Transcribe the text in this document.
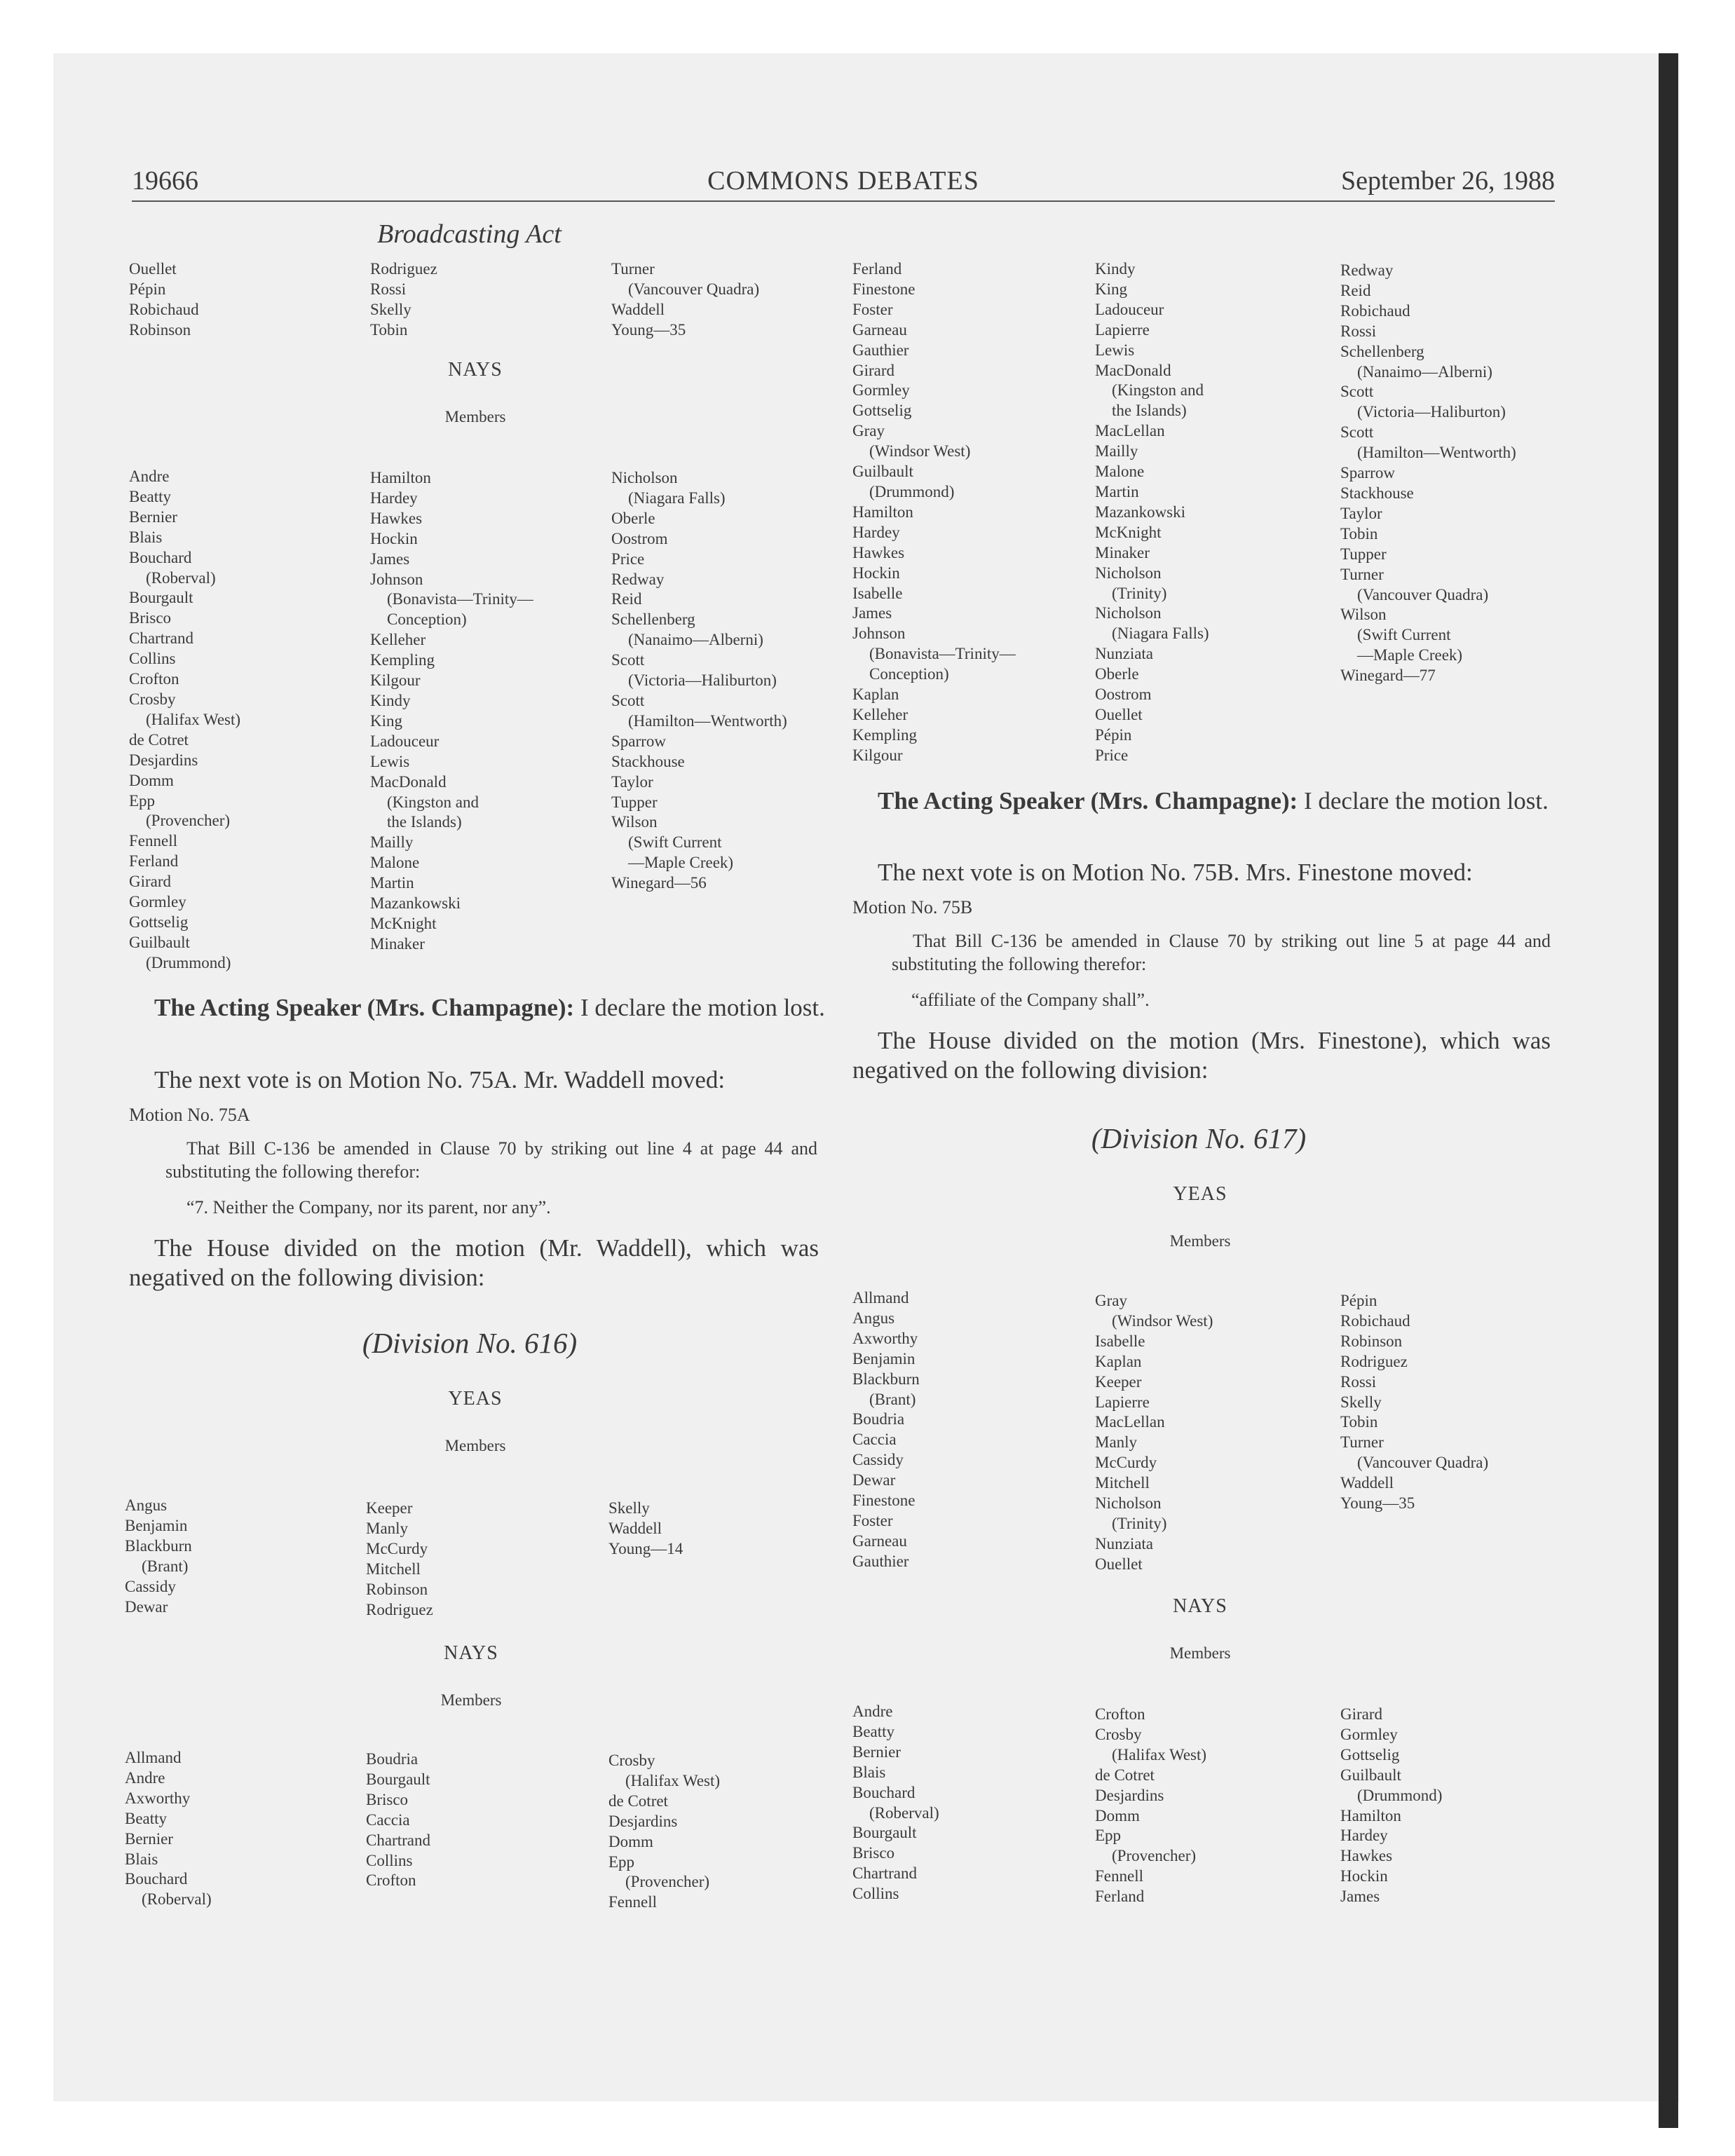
19666	COMMONS DEBATES	September 26, 1988
Broadcasting Act
Ouellet
Pépin
Robichaud
Robinson
Rodriguez
Rossi
Skelly
Tobin
Turner
(Vancouver Quadra)
Waddell
Young—35
NAYS
Members
Andre
Beatty
Bernier
Blais
Bouchard
(Roberval)
Bourgault
Brisco
Chartrand
Collins
Crofton
Crosby
(Halifax West)
de Cotret
Desjardins
Domm
Epp
(Provencher)
Fennell
Ferland
Girard
Gormley
Gottselig
Guilbault
(Drummond)
Hamilton
Hardey
Hawkes
Hockin
James
Johnson
(Bonavista—Trinity—
Conception)
Kelleher
Kempling
Kilgour
Kindy
King
Ladouceur
Lewis
MacDonald
(Kingston and
the Islands)
Mailly
Malone
Martin
Mazankowski
McKnight
Minaker
Nicholson
(Niagara Falls)
Oberle
Oostrom
Price
Redway
Reid
Schellenberg
(Nanaimo—Alberni)
Scott
(Victoria—Haliburton)
Scott
(Hamilton—Wentworth)
Sparrow
Stackhouse
Taylor
Tupper
Wilson
(Swift Current
—Maple Creek)
Winegard—56
The Acting Speaker (Mrs. Champagne): I declare the motion lost.
The next vote is on Motion No. 75A. Mr. Waddell moved:
Motion No. 75A
That Bill C-136 be amended in Clause 70 by striking out line 4 at page 44 and substituting the following therefor:
“7. Neither the Company, nor its parent, nor any”.
The House divided on the motion (Mr. Waddell), which was negatived on the following division:
(Division No. 616)
YEAS
Members
Angus
Benjamin
Blackburn
(Brant)
Cassidy
Dewar
Keeper
Manly
McCurdy
Mitchell
Robinson
Rodriguez
Skelly
Waddell
Young—14
NAYS
Members
Allmand
Andre
Axworthy
Beatty
Bernier
Blais
Bouchard
(Roberval)
Boudria
Bourgault
Brisco
Caccia
Chartrand
Collins
Crofton
Crosby
(Halifax West)
de Cotret
Desjardins
Domm
Epp
(Provencher)
Fennell
Ferland
Finestone
Foster
Garneau
Gauthier
Girard
Gormley
Gottselig
Gray
(Windsor West)
Guilbault
(Drummond)
Hamilton
Hardey
Hawkes
Hockin
Isabelle
James
Johnson
(Bonavista—Trinity—
Conception)
Kaplan
Kelleher
Kempling
Kilgour
Kindy
King
Ladouceur
Lapierre
Lewis
MacDonald
(Kingston and
the Islands)
MacLellan
Mailly
Malone
Martin
Mazankowski
McKnight
Minaker
Nicholson
(Trinity)
Nicholson
(Niagara Falls)
Nunziata
Oberle
Oostrom
Ouellet
Pépin
Price
Redway
Reid
Robichaud
Rossi
Schellenberg
(Nanaimo—Alberni)
Scott
(Victoria—Haliburton)
Scott
(Hamilton—Wentworth)
Sparrow
Stackhouse
Taylor
Tobin
Tupper
Turner
(Vancouver Quadra)
Wilson
(Swift Current
—Maple Creek)
Winegard—77
The Acting Speaker (Mrs. Champagne): I declare the motion lost.
The next vote is on Motion No. 75B. Mrs. Finestone moved:
Motion No. 75B
That Bill C-136 be amended in Clause 70 by striking out line 5 at page 44 and substituting the following therefor:
“affiliate of the Company shall”.
The House divided on the motion (Mrs. Finestone), which was negatived on the following division:
(Division No. 617)
YEAS
Members
Allmand
Angus
Axworthy
Benjamin
Blackburn
(Brant)
Boudria
Caccia
Cassidy
Dewar
Finestone
Foster
Garneau
Gauthier
Gray
(Windsor West)
Isabelle
Kaplan
Keeper
Lapierre
MacLellan
Manly
McCurdy
Mitchell
Nicholson
(Trinity)
Nunziata
Ouellet
Pépin
Robichaud
Robinson
Rodriguez
Rossi
Skelly
Tobin
Turner
(Vancouver Quadra)
Waddell
Young—35
NAYS
Members
Andre
Beatty
Bernier
Blais
Bouchard
(Roberval)
Bourgault
Brisco
Chartrand
Collins
Crofton
Crosby
(Halifax West)
de Cotret
Desjardins
Domm
Epp
(Provencher)
Fennell
Ferland
Girard
Gormley
Gottselig
Guilbault
(Drummond)
Hamilton
Hardey
Hawkes
Hockin
James
